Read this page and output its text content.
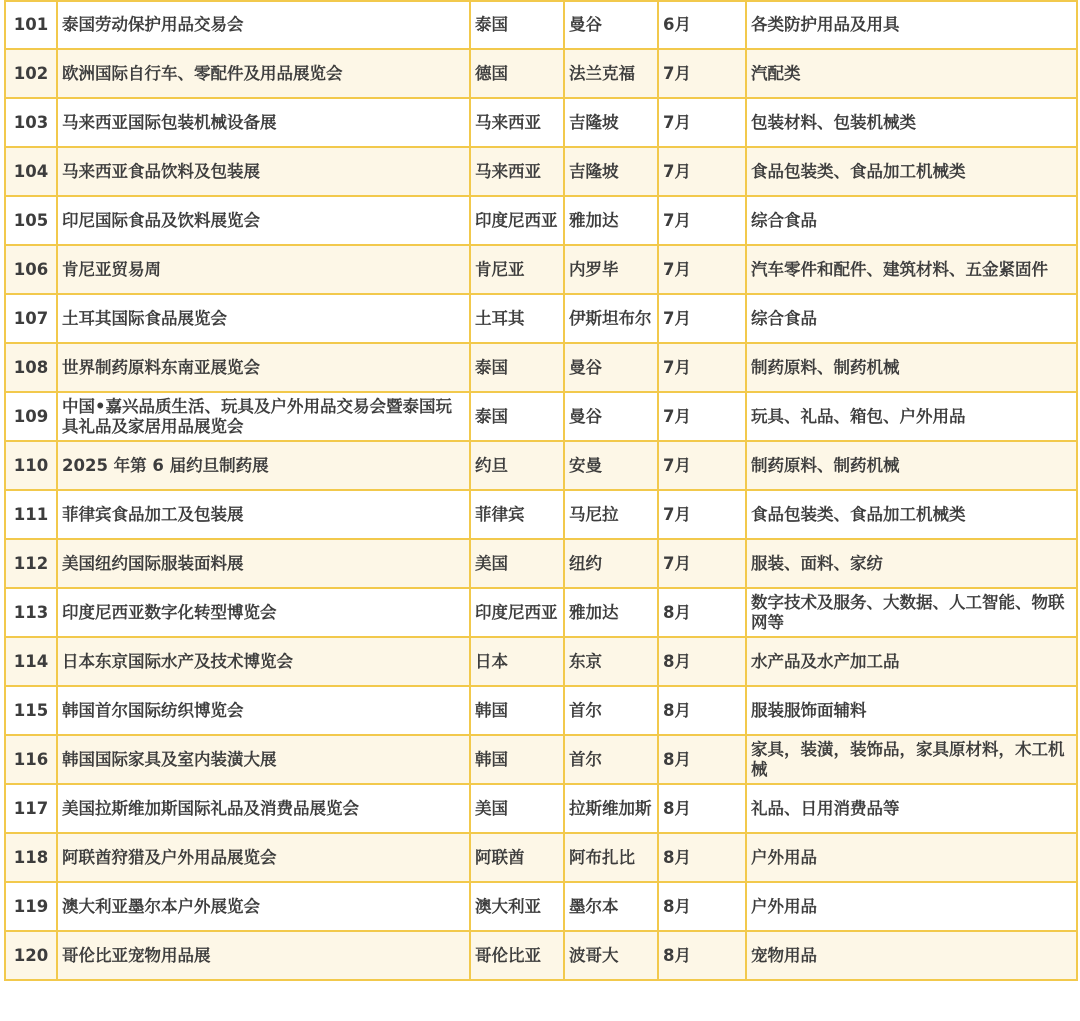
101	泰国劳动保护用品交易会	泰国	曼谷	6月	各类防护用品及用具
102	欧洲国际自行车、零配件及用品展览会	德国	法兰克福	7月	汽配类
103	马来西亚国际包装机械设备展	马来西亚	吉隆坡	7月	包装材料、包装机械类
104	马来西亚食品饮料及包装展	马来西亚	吉隆坡	7月	食品包装类、食品加工机械类
105	印尼国际食品及饮料展览会	印度尼西亚	雅加达	7月	综合食品
106	肯尼亚贸易周	肯尼亚	内罗毕	7月	汽车零件和配件、建筑材料、五金紧固件
107	土耳其国际食品展览会	土耳其	伊斯坦布尔	7月	综合食品
108	世界制药原料东南亚展览会	泰国	曼谷	7月	制药原料、制药机械
109	中国•嘉兴品质生活、玩具及户外用品交易会暨泰国玩具礼品及家居用品展览会	泰国	曼谷	7月	玩具、礼品、箱包、户外用品
110	2025 年第 6 届约旦制药展	约旦	安曼	7月	制药原料、制药机械
111	菲律宾食品加工及包装展	菲律宾	马尼拉	7月	食品包装类、食品加工机械类
112	美国纽约国际服装面料展	美国	纽约	7月	服装、面料、家纺
113	印度尼西亚数字化转型博览会	印度尼西亚	雅加达	8月	数字技术及服务、大数据、人工智能、物联网等
114	日本东京国际水产及技术博览会	日本	东京	8月	水产品及水产加工品
115	韩国首尔国际纺织博览会	韩国	首尔	8月	服装服饰面辅料
116	韩国国际家具及室内装潢大展	韩国	首尔	8月	家具，装潢，装饰品，家具原材料，木工机械
117	美国拉斯维加斯国际礼品及消费品展览会	美国	拉斯维加斯	8月	礼品、日用消费品等
118	阿联酋狩猎及户外用品展览会	阿联酋	阿布扎比	8月	户外用品
119	澳大利亚墨尔本户外展览会	澳大利亚	墨尔本	8月	户外用品
120	哥伦比亚宠物用品展	哥伦比亚	波哥大	8月	宠物用品
